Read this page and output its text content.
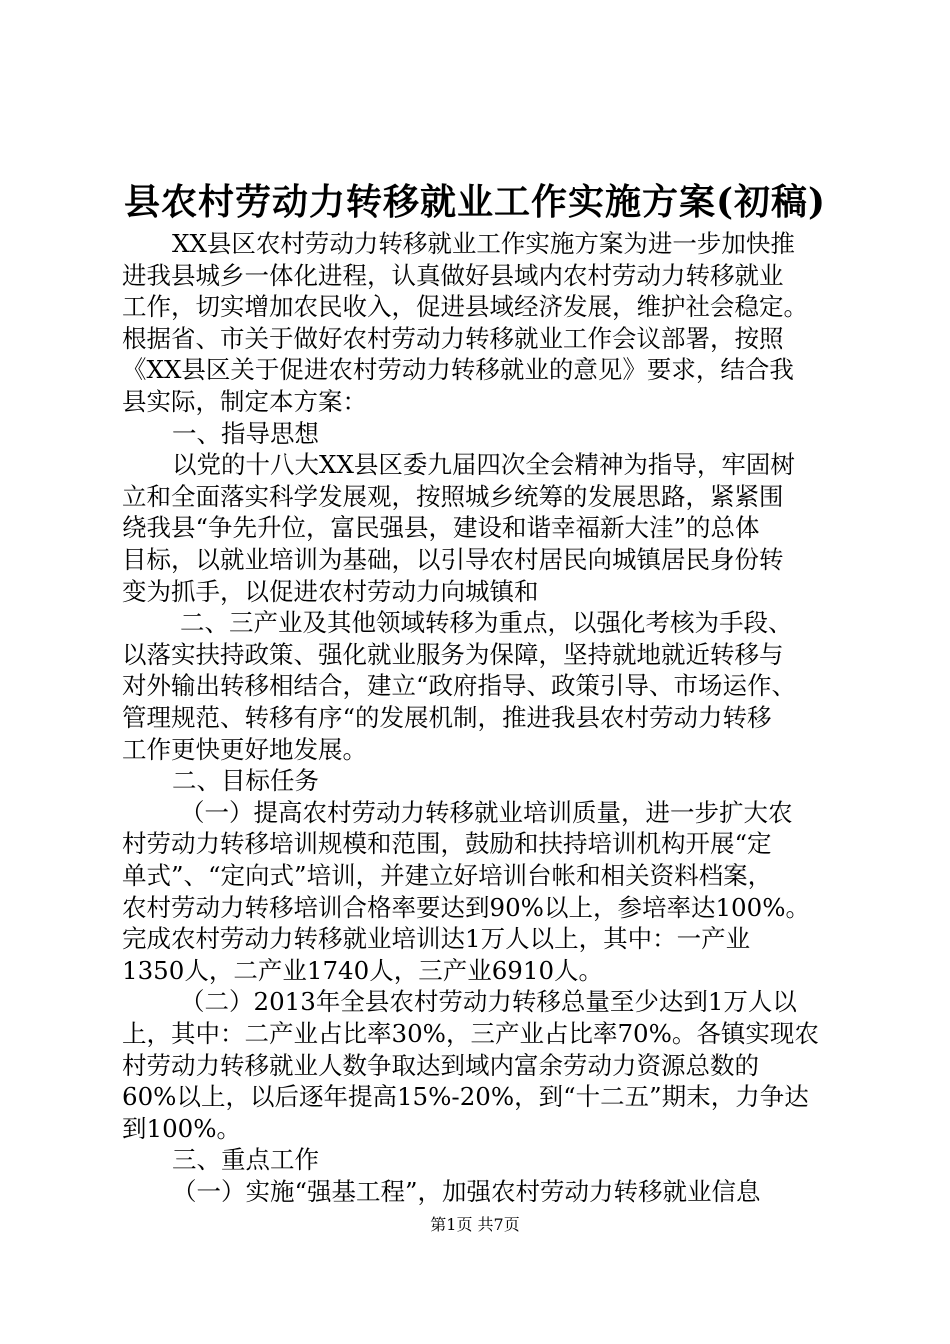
县农村劳动力转移就业工作实施方案(初稿)
XX县区农村劳动力转移就业工作实施方案为进一步加快推
进我县城乡一体化进程，认真做好县域内农村劳动力转移就业
工作，切实增加农民收入，促进县域经济发展，维护社会稳定。
根据省、市关于做好农村劳动力转移就业工作会议部署，按照
《XX县区关于促进农村劳动力转移就业的意见》要求，结合我
县实际，制定本方案：
一、指导思想
以党的十八大XX县区委九届四次全会精神为指导，牢固树
立和全面落实科学发展观，按照城乡统筹的发展思路，紧紧围
绕我县“争先升位，富民强县，建设和谐幸福新大洼”的总体
目标，以就业培训为基础，以引导农村居民向城镇居民身份转
变为抓手，以促进农村劳动力向城镇和
二、三产业及其他领域转移为重点，以强化考核为手段、
以落实扶持政策、强化就业服务为保障，坚持就地就近转移与
对外输出转移相结合，建立“政府指导、政策引导、市场运作、
管理规范、转移有序“的发展机制，推进我县农村劳动力转移
工作更快更好地发展。
二、目标任务
（一）提高农村劳动力转移就业培训质量，进一步扩大农
村劳动力转移培训规模和范围，鼓励和扶持培训机构开展“定
单式”、“定向式”培训，并建立好培训台帐和相关资料档案，
农村劳动力转移培训合格率要达到90%以上，参培率达100%。
完成农村劳动力转移就业培训达1万人以上，其中：一产业
1350人，二产业1740人，三产业6910人。
（二）2013年全县农村劳动力转移总量至少达到1万人以
上，其中：二产业占比率30%，三产业占比率70%。各镇实现农
村劳动力转移就业人数争取达到域内富余劳动力资源总数的
60%以上，以后逐年提高15%-20%，到“十二五”期末，力争达
到100%。
三、重点工作
（一）实施“强基工程”，加强农村劳动力转移就业信息
第1页 共7页
